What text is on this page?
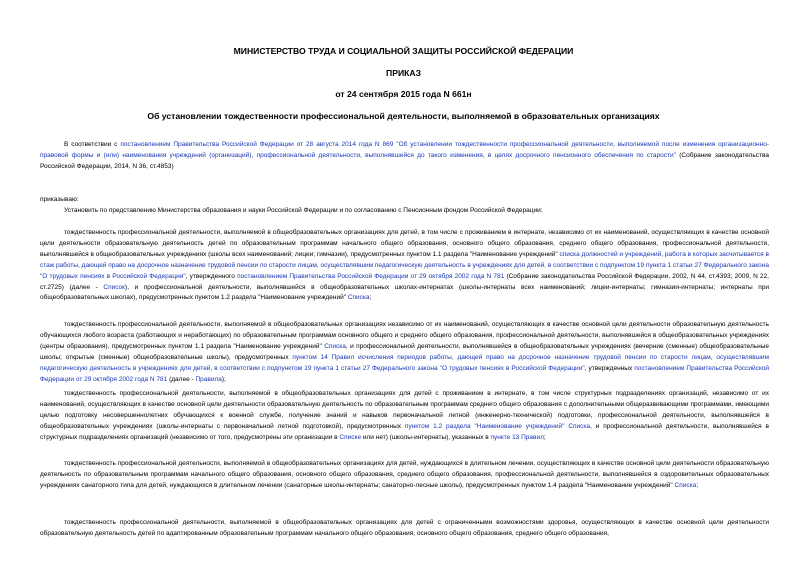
МИНИСТЕРСТВО ТРУДА И СОЦИАЛЬНОЙ ЗАЩИТЫ РОССИЙСКОЙ ФЕДЕРАЦИИ
ПРИКАЗ
от 24 сентября 2015 года N 661н
Об установлении тождественности профессиональной деятельности, выполняемой в образовательных организациях

В соответствии с постановлением Правительства Российской Федерации от 28 августа 2014 года N 869 "Об установлении тождественности профессиональной деятельности, выполняемой после изменения организационно-правовой формы и (или) наименования учреждений (организаций), профессиональной деятельности, выполнявшейся до такого изменения, в целях досрочного пенсионного обеспечения по старости" (Собрание законодательства Российской Федерации, 2014, N 36, ст.4853)

приказываю:

Установить по представлению Министерства образования и науки Российской Федерации и по согласованию с Пенсионным фондом Российской Федерации:

тождественность профессиональной деятельности, выполняемой в общеобразовательных организациях для детей, в том числе с проживанием в интернате, независимо от их наименований, осуществляющих в качестве основной цели деятельности образовательную деятельность детей по образовательным программам начального общего образования, основного общего образования, среднего общего образования, профессиональной деятельности, выполнявшейся в общеобразовательных учреждениях (школы всех наименований; лицеи; гимназии), предусмотренных пунктом 1.1 раздела "Наименование учреждений" списка должностей и учреждений, работа в которых засчитывается в стаж работы, дающей право на досрочное назначение трудовой пенсии по старости лицам, осуществлявшим педагогическую деятельность в учреждениях для детей, в соответствии с подпунктом 19 пункта 1 статьи 27 Федерального закона "О трудовых пенсиях в Российской Федерации", утвержденного постановлением Правительства Российской Федерации от 29 октября 2002 года N 781 (Собрание законодательства Российской Федерации, 2002, N 44, ст.4393; 2009, N 22, ст.2725) (далее - Список), и профессиональной деятельности, выполнявшейся в общеобразовательных школах-интернатах (школы-интернаты всех наименований; лицеи-интернаты; гимназии-интернаты; интернаты при общеобразовательных школах), предусмотренных пунктом 1.2 раздела "Наименование учреждений" Списка;

тождественность профессиональной деятельности, выполняемой в общеобразовательных организациях независимо от их наименований, осуществляющих в качестве основной цели деятельности образовательную деятельность обучающихся любого возраста (работающих и неработающих) по образовательным программам основного общего и среднего общего образования, профессиональной деятельности, выполнявшейся в общеобразовательных учреждениях (центры образования), предусмотренных пунктом 1.1 раздела "Наименование учреждений" Списка, и профессиональной деятельности, выполнявшейся в общеобразовательных учреждениях (вечерние (сменные) общеобразовательные школы; открытые (сменные) общеобразовательные школы), предусмотренных пунктом 14 Правил исчисления периодов работы, дающей право на досрочное назначение трудовой пенсии по старости лицам, осуществлявшим педагогическую деятельность в учреждениях для детей, в соответствии с подпунктом 19 пункта 1 статьи 27 Федерального закона "О трудовых пенсиях в Российской Федерации", утвержденных постановлением Правительства Российской Федерации от 29 октября 2002 года N 781 (далее - Правила);

тождественность профессиональной деятельности, выполняемой в общеобразовательных организациях для детей с проживанием в интернате, в том числе структурных подразделениях организаций, независимо от их наименований, осуществляющих в качестве основной цели деятельности образовательную деятельность по образовательным программам среднего общего образования с дополнительными общеразвивающими программами, имеющими целью подготовку несовершеннолетних обучающихся к военной службе, получение знаний и навыков первоначальной летной (инженерно-технической) подготовки, профессиональной деятельности, выполнявшейся в общеобразовательных учреждениях (школы-интернаты с первоначальной летной подготовкой), предусмотренных пунктом 1.2 раздела "Наименование учреждений" Списка, и профессиональной деятельности, выполнявшейся в структурных подразделениях организаций (независимо от того, предусмотрены эти организации в Списке или нет) (школы-интернаты), указанных в пункте 13 Правил;

тождественность профессиональной деятельности, выполняемой в общеобразовательных организациях для детей, нуждающихся в длительном лечении, осуществляющих в качестве основной цели деятельности образовательную деятельность по образовательным программам начального общего образования, основного общего образования, среднего общего образования, профессиональной деятельности, выполнявшейся в оздоровительных образовательных учреждениях санаторного типа для детей, нуждающихся в длительном лечении (санаторные школы-интернаты; санаторно-лесные школы), предусмотренных пунктом 1.4 раздела "Наименование учреждений" Списка;

тождественность профессиональной деятельности, выполняемой в общеобразовательных организациях для детей с ограниченными возможностями здоровья, осуществляющих в качестве основной цели деятельности образовательную деятельность детей по адаптированным образовательным программам начального общего образования, основного общего образования, среднего общего образования,
